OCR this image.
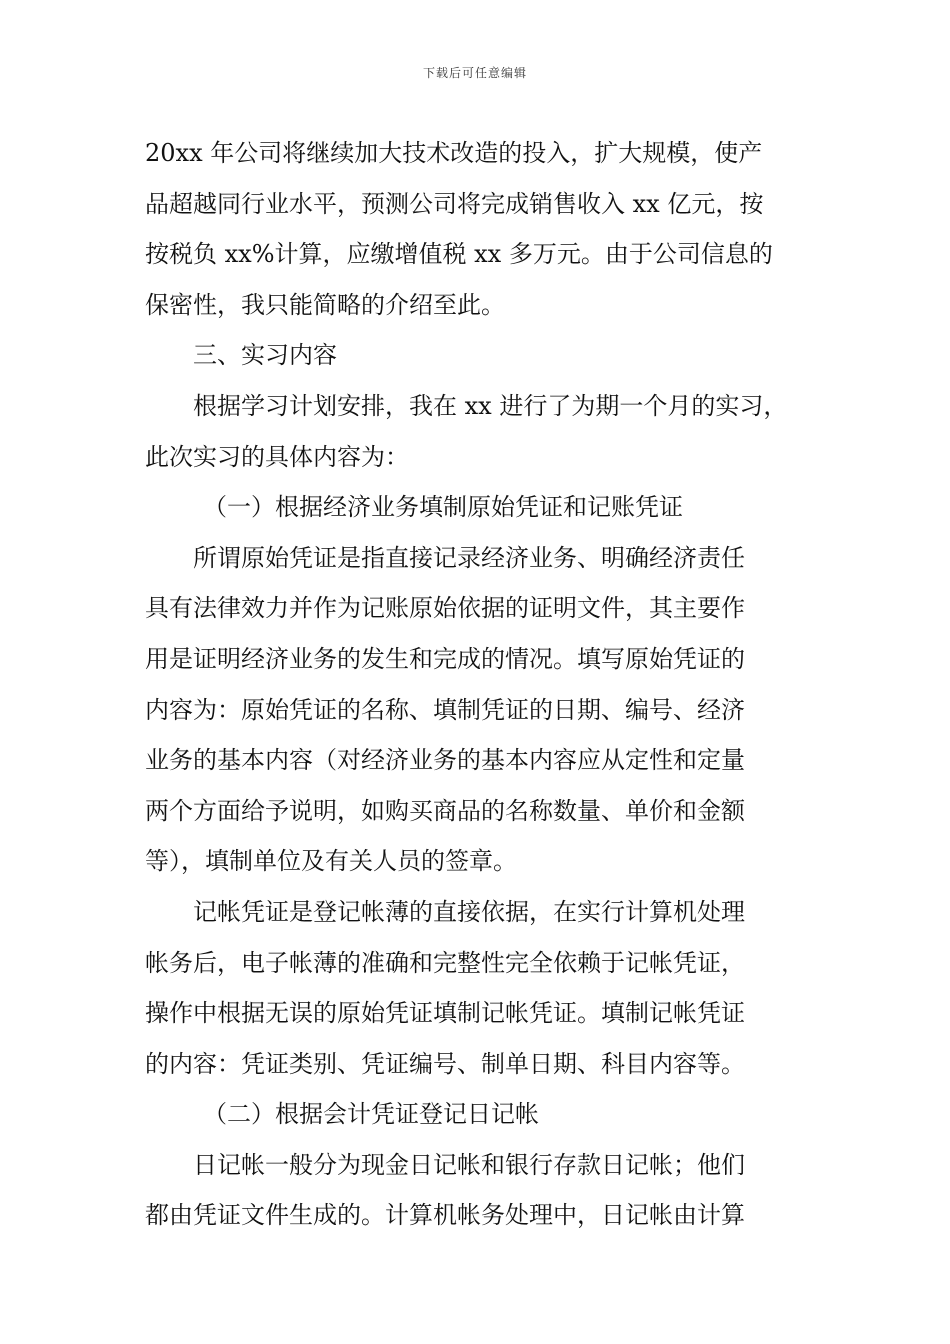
下载后可任意编辑
20xx 年公司将继续加大技术改造的投入，扩大规模，使产
品超越同行业水平，预测公司将完成销售收入 xx 亿元，按
按税负 xx%计算，应缴增值税 xx 多万元。由于公司信息的
保密性，我只能简略的介绍至此。
三、实习内容
根据学习计划安排，我在 xx 进行了为期一个月的实习，
此次实习的具体内容为：
（一）根据经济业务填制原始凭证和记账凭证
所谓原始凭证是指直接记录经济业务、明确经济责任
具有法律效力并作为记账原始依据的证明文件，其主要作
用是证明经济业务的发生和完成的情况。填写原始凭证的
内容为：原始凭证的名称、填制凭证的日期、编号、经济
业务的基本内容（对经济业务的基本内容应从定性和定量
两个方面给予说明，如购买商品的名称数量、单价和金额
等），填制单位及有关人员的签章。
记帐凭证是登记帐薄的直接依据，在实行计算机处理
帐务后，电子帐薄的准确和完整性完全依赖于记帐凭证，
操作中根据无误的原始凭证填制记帐凭证。填制记帐凭证
的内容：凭证类别、凭证编号、制单日期、科目内容等。
（二）根据会计凭证登记日记帐
日记帐一般分为现金日记帐和银行存款日记帐；他们
都由凭证文件生成的。计算机帐务处理中，日记帐由计算
